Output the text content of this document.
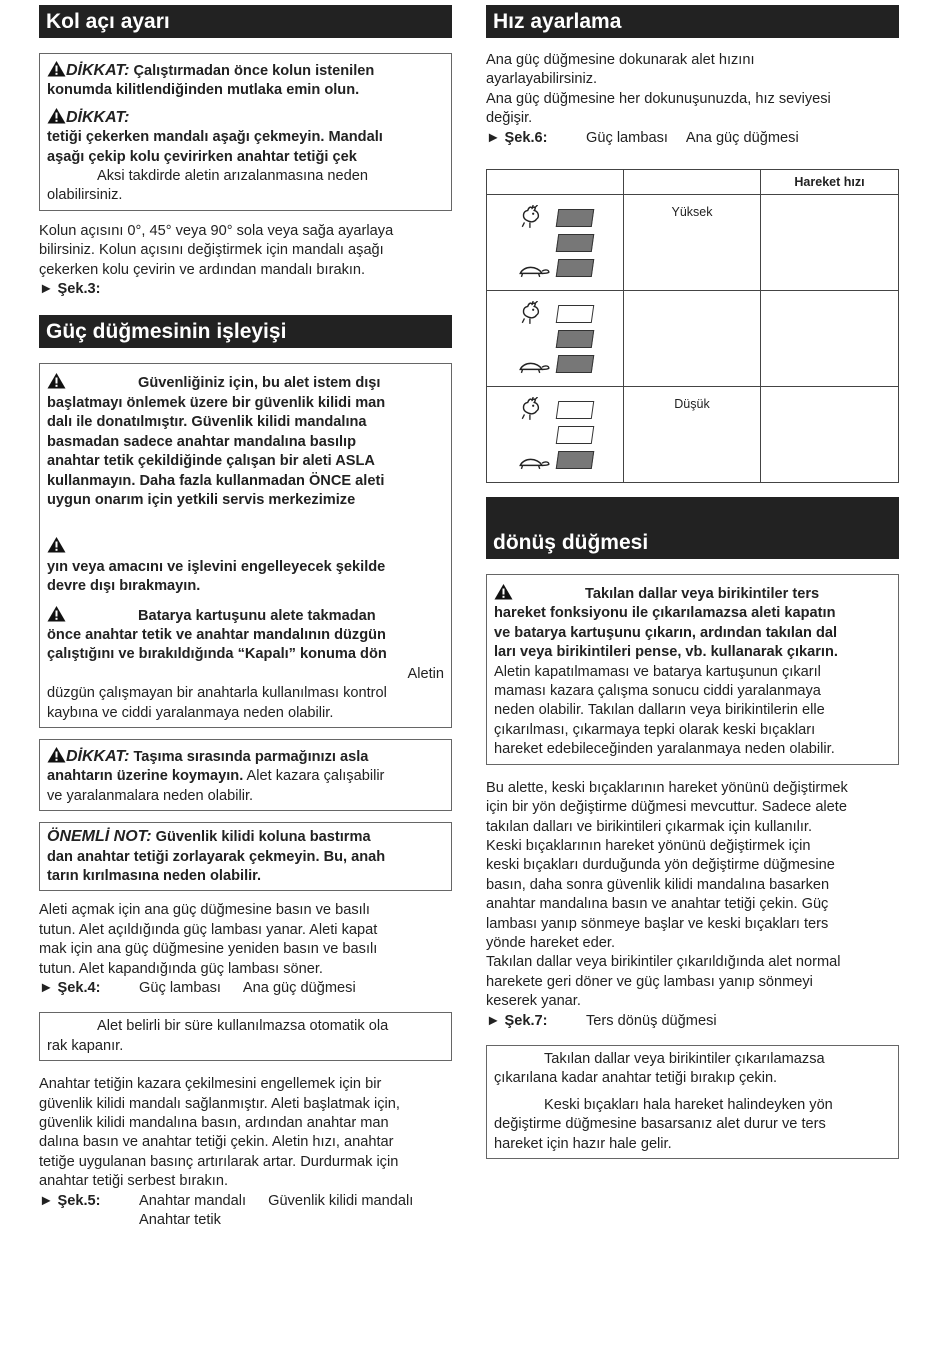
Kol açı ayarı

DİKKAT: Çalıştırmadan önce kolun istenilen

konumda kilitlendiğinden mutlaka emin olun.

DİKKAT:

tetiği çekerken mandalı aşağı çekmeyin. Mandalı

aşağı çekip kolu çevirirken anahtar tetiği çek

Aksi takdirde aletin arızalanmasına neden

olabilirsiniz.

Kolun açısını 0°, 45° veya 90° sola veya sağa ayarlaya

bilirsiniz. Kolun açısını değiştirmek için mandalı aşağı

çekerken kolu çevirin ve ardından mandalı bırakın.

► Şek.3:

Güç düğmesinin işleyişi

Güvenliğiniz için, bu alet istem dışı

başlatmayı önlemek üzere bir güvenlik kilidi man

dalı ile donatılmıştır. Güvenlik kilidi mandalına

basmadan sadece anahtar mandalına basılıp

anahtar tetik çekildiğinde çalışan bir aleti ASLA

kullanmayın. Daha fazla kullanmadan ÖNCE aleti

uygun onarım için yetkili servis merkezimize

yın veya amacını ve işlevini engelleyecek şekilde

devre dışı bırakmayın.

Batarya kartuşunu alete takmadan

önce anahtar tetik ve anahtar mandalının düzgün

çalıştığını ve bırakıldığında “Kapalı” konuma dön

Aletin

düzgün çalışmayan bir anahtarla kullanılması kontrol

kaybına ve ciddi yaralanmaya neden olabilir.

DİKKAT: Taşıma sırasında parmağınızı asla

anahtarın üzerine koymayın. Alet kazara çalışabilir

ve yaralanmalara neden olabilir.

ÖNEMLİ NOT: Güvenlik kilidi koluna bastırma

dan anahtar tetiği zorlayarak çekmeyin. Bu, anah

tarın kırılmasına neden olabilir.

Aleti açmak için ana güç düğmesine basın ve basılı

tutun. Alet açıldığında güç lambası yanar. Aleti kapat

mak için ana güç düğmesine yeniden basın ve basılı

tutun. Alet kapandığında güç lambası söner.

► Şek.4:	Güç lambası Ana güç düğmesi

Alet belirli bir süre kullanılmazsa otomatik ola

rak kapanır.

Anahtar tetiğin kazara çekilmesini engellemek için bir

güvenlik kilidi mandalı sağlanmıştır. Aleti başlatmak için,

güvenlik kilidi mandalına basın, ardından anahtar man

dalına basın ve anahtar tetiği çekin. Aletin hızı, anahtar

tetiğe uygulanan basınç artırılarak artar. Durdurmak için

anahtar tetiği serbest bırakın.

► Şek.5:	Anahtar mandalı Güvenlik kilidi mandalı

Anahtar tetik

Hız ayarlama

Ana güç düğmesine dokunarak alet hızını

ayarlayabilirsiniz.

Ana güç düğmesine her dokunuşunuzda, hız seviyesi

değişir.

► Şek.6:	Güç lambası Ana güç düğmesi

		Hareket hızı

	Yüksek	

	Düşük	
dönüş düğmesi

Takılan dallar veya birikintiler ters

hareket fonksiyonu ile çıkarılamazsa aleti kapatın

ve batarya kartuşunu çıkarın, ardından takılan dal

ları veya birikintileri pense, vb. kullanarak çıkarın.

Aletin kapatılmaması ve batarya kartuşunun çıkarıl

maması kazara çalışma sonucu ciddi yaralanmaya

neden olabilir. Takılan dalların veya birikintilerin elle

çıkarılması, çıkarmaya tepki olarak keski bıçakları

hareket edebileceğinden yaralanmaya neden olabilir.

Bu alette, keski bıçaklarının hareket yönünü değiştirmek

için bir yön değiştirme düğmesi mevcuttur. Sadece alete

takılan dalları ve birikintileri çıkarmak için kullanılır.

Keski bıçaklarının hareket yönünü değiştirmek için

keski bıçakları durduğunda yön değiştirme düğmesine

basın, daha sonra güvenlik kilidi mandalına basarken

anahtar mandalına basın ve anahtar tetiği çekin. Güç

lambası yanıp sönmeye başlar ve keski bıçakları ters

yönde hareket eder.

Takılan dallar veya birikintiler çıkarıldığında alet normal

harekete geri döner ve güç lambası yanıp sönmeyi

keserek yanar.

► Şek.7:	Ters dönüş düğmesi

Takılan dallar veya birikintiler çıkarılamazsa

çıkarılana kadar anahtar tetiği bırakıp çekin.

Keski bıçakları hala hareket halindeyken yön

değiştirme düğmesine basarsanız alet durur ve ters

hareket için hazır hale gelir.
